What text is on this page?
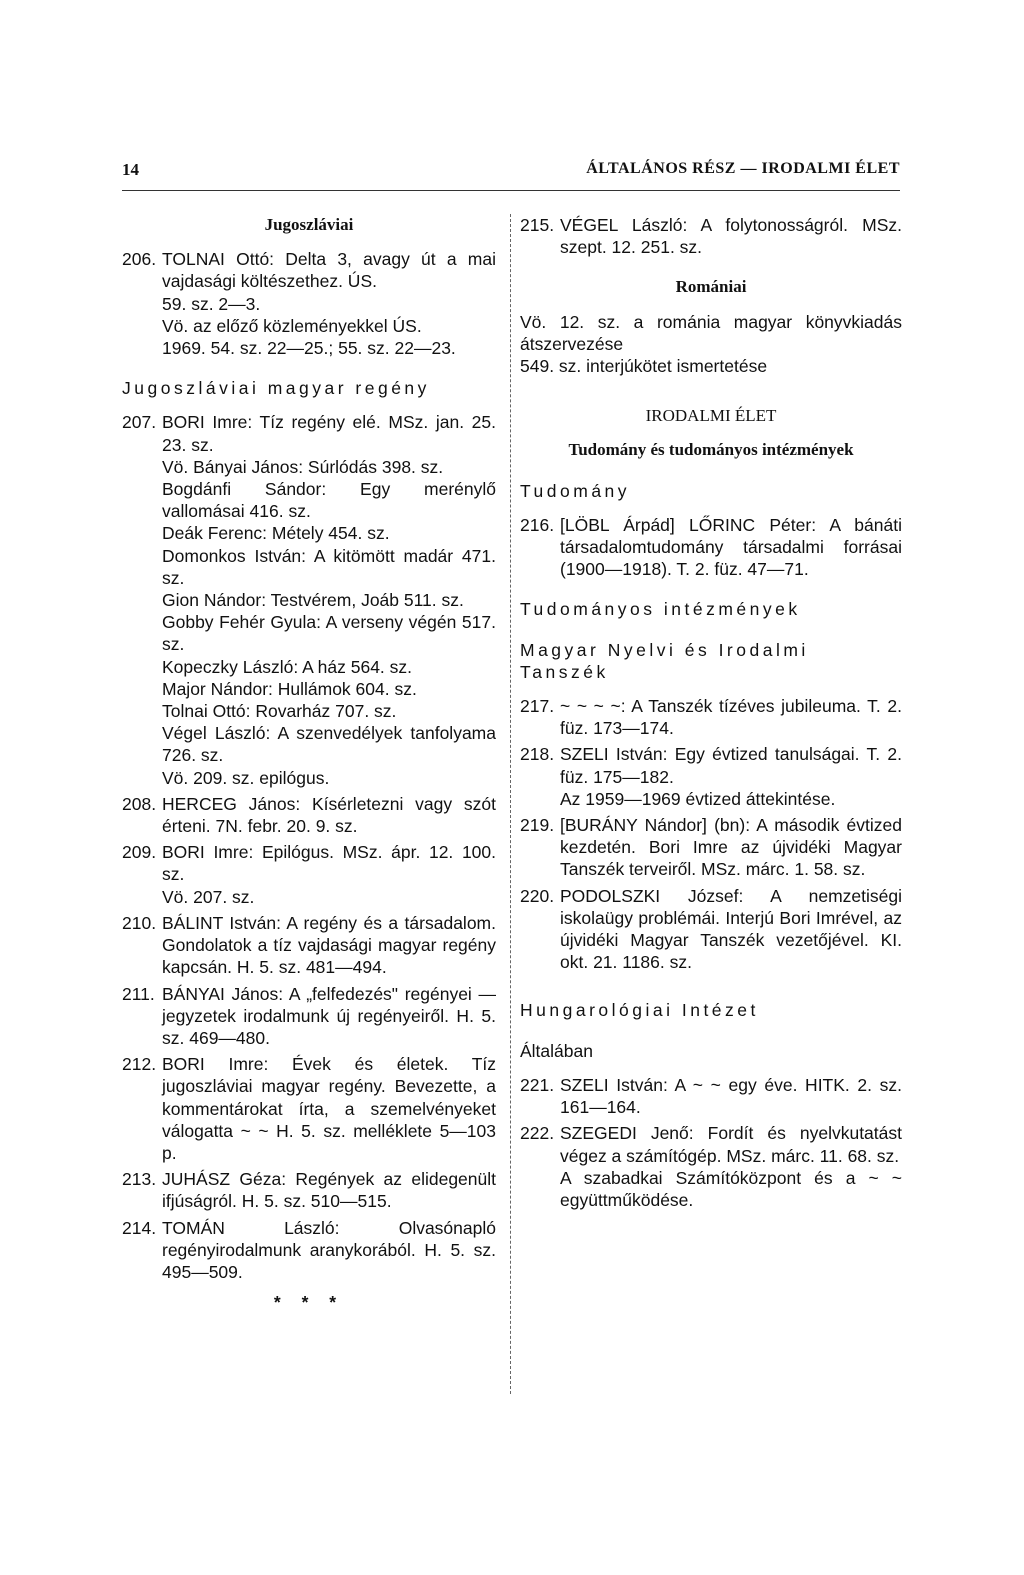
14	ÁLTALÁNOS RÉSZ — IRODALMI ÉLET
Jugoszláviai
206. TOLNAI Ottó: Delta 3, avagy út a mai vajdasági költészethez. ÚS.
59. sz. 2—3.
Vö. az előző közleményekkel ÚS.
1969. 54. sz. 22—25.; 55. sz. 22—23.
Jugoszláviai magyar regény
207. BORI Imre: Tíz regény elé. MSz. jan. 25. 23. sz.
Vö. Bányai János: Súrlódás 398. sz.
Bogdánfi Sándor: Egy merénylő vallomásai 416. sz.
Deák Ferenc: Métely 454. sz.
Domonkos István: A kitömött madár 471. sz.
Gion Nándor: Testvérem, Joáb 511. sz.
Gobby Fehér Gyula: A verseny végén 517. sz.
Kopeczky László: A ház 564. sz.
Major Nándor: Hullámok 604. sz.
Tolnai Ottó: Rovarház 707. sz.
Végel László: A szenvedélyek tanfolyama 726. sz.
Vö. 209. sz. epilógus.
208. HERCEG János: Kísérletezni vagy szót érteni. 7N. febr. 20. 9. sz.
209. BORI Imre: Epilógus. MSz. ápr. 12. 100. sz.
Vö. 207. sz.
210. BÁLINT István: A regény és a társadalom. Gondolatok a tíz vajdasági magyar regény kapcsán. H. 5. sz. 481—494.
211. BÁNYAI János: A „felfedezés" regényei — jegyzetek irodalmunk új regényeiről. H. 5. sz. 469—480.
212. BORI Imre: Évek és életek. Tíz jugoszláviai magyar regény. Bevezette, a kommentárokat írta, a szemelvényeket válogatta ~ ~ H. 5. sz. melléklete 5—103 p.
213. JUHÁSZ Géza: Regények az elidegenült ifjúságról. H. 5. sz. 510—515.
214. TOMÁN László: Olvasónapló regényirodalmunk aranykorából. H. 5. sz. 495—509.
* * *
215. VÉGEL László: A folytonosságról. MSz. szept. 12. 251. sz.
Romániai
Vö. 12. sz. a románia magyar könyvkiadás átszervezése
549. sz. interjúkötet ismertetése
IRODALMI ÉLET
Tudomány és tudományos intézmények
Tudomány
216. [LÖBL Árpád] LŐRINC Péter: A bánáti társadalomtudomány társadalmi forrásai (1900—1918). T. 2. füz. 47—71.
Tudományos intézmények
Magyar Nyelvi és Irodalmi Tanszék
217. ~ ~ ~ ~: A Tanszék tízéves jubileuma. T. 2. füz. 173—174.
218. SZELI István: Egy évtized tanulságai. T. 2. füz. 175—182.
Az 1959—1969 évtized áttekintése.
219. [BURÁNY Nándor] (bn): A második évtized kezdetén. Bori Imre az újvidéki Magyar Tanszék terveiről. MSz. márc. 1. 58. sz.
220. PODOLSZKI József: A nemzetiségi iskolaügy problémái. Interjú Bori Imrével, az újvidéki Magyar Tanszék vezetőjével. KI. okt. 21. 1186. sz.
Hungarológiai Intézet
Általában
221. SZELI István: A ~ ~ egy éve. HITK. 2. sz. 161—164.
222. SZEGEDI Jenő: Fordít és nyelvkutatást végez a számítógép. MSz. márc. 11. 68. sz.
A szabadkai Számítóközpont és a ~ ~ együttműködése.
